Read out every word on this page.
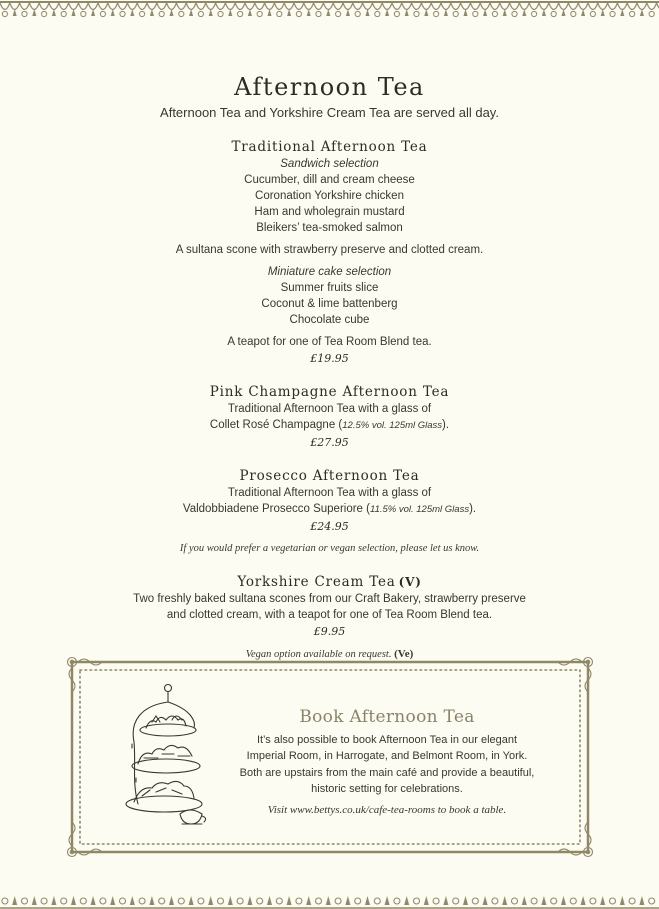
Afternoon Tea
Afternoon Tea and Yorkshire Cream Tea are served all day.
Traditional Afternoon Tea
Sandwich selection
Cucumber, dill and cream cheese
Coronation Yorkshire chicken
Ham and wholegrain mustard
Bleikers’ tea-smoked salmon
A sultana scone with strawberry preserve and clotted cream.
Miniature cake selection
Summer fruits slice
Coconut & lime battenberg
Chocolate cube
A teapot for one of Tea Room Blend tea.
£19.95
Pink Champagne Afternoon Tea
Traditional Afternoon Tea with a glass of
Collet Rosé Champagne (12.5% vol. 125ml Glass).
£27.95
Prosecco Afternoon Tea
Traditional Afternoon Tea with a glass of
Valdobbiadene Prosecco Superiore (11.5% vol. 125ml Glass).
£24.95
If you would prefer a vegetarian or vegan selection, please let us know.
Yorkshire Cream Tea (V)
Two freshly baked sultana scones from our Craft Bakery, strawberry preserve
and clotted cream, with a teapot for one of Tea Room Blend tea.
£9.95
Vegan option available on request. (Ve)
Book Afternoon Tea
It’s also possible to book Afternoon Tea in our elegant
Imperial Room, in Harrogate, and Belmont Room, in York.
Both are upstairs from the main café and provide a beautiful,
historic setting for celebrations.
Visit www.bettys.co.uk/cafe-tea-rooms to book a table.
